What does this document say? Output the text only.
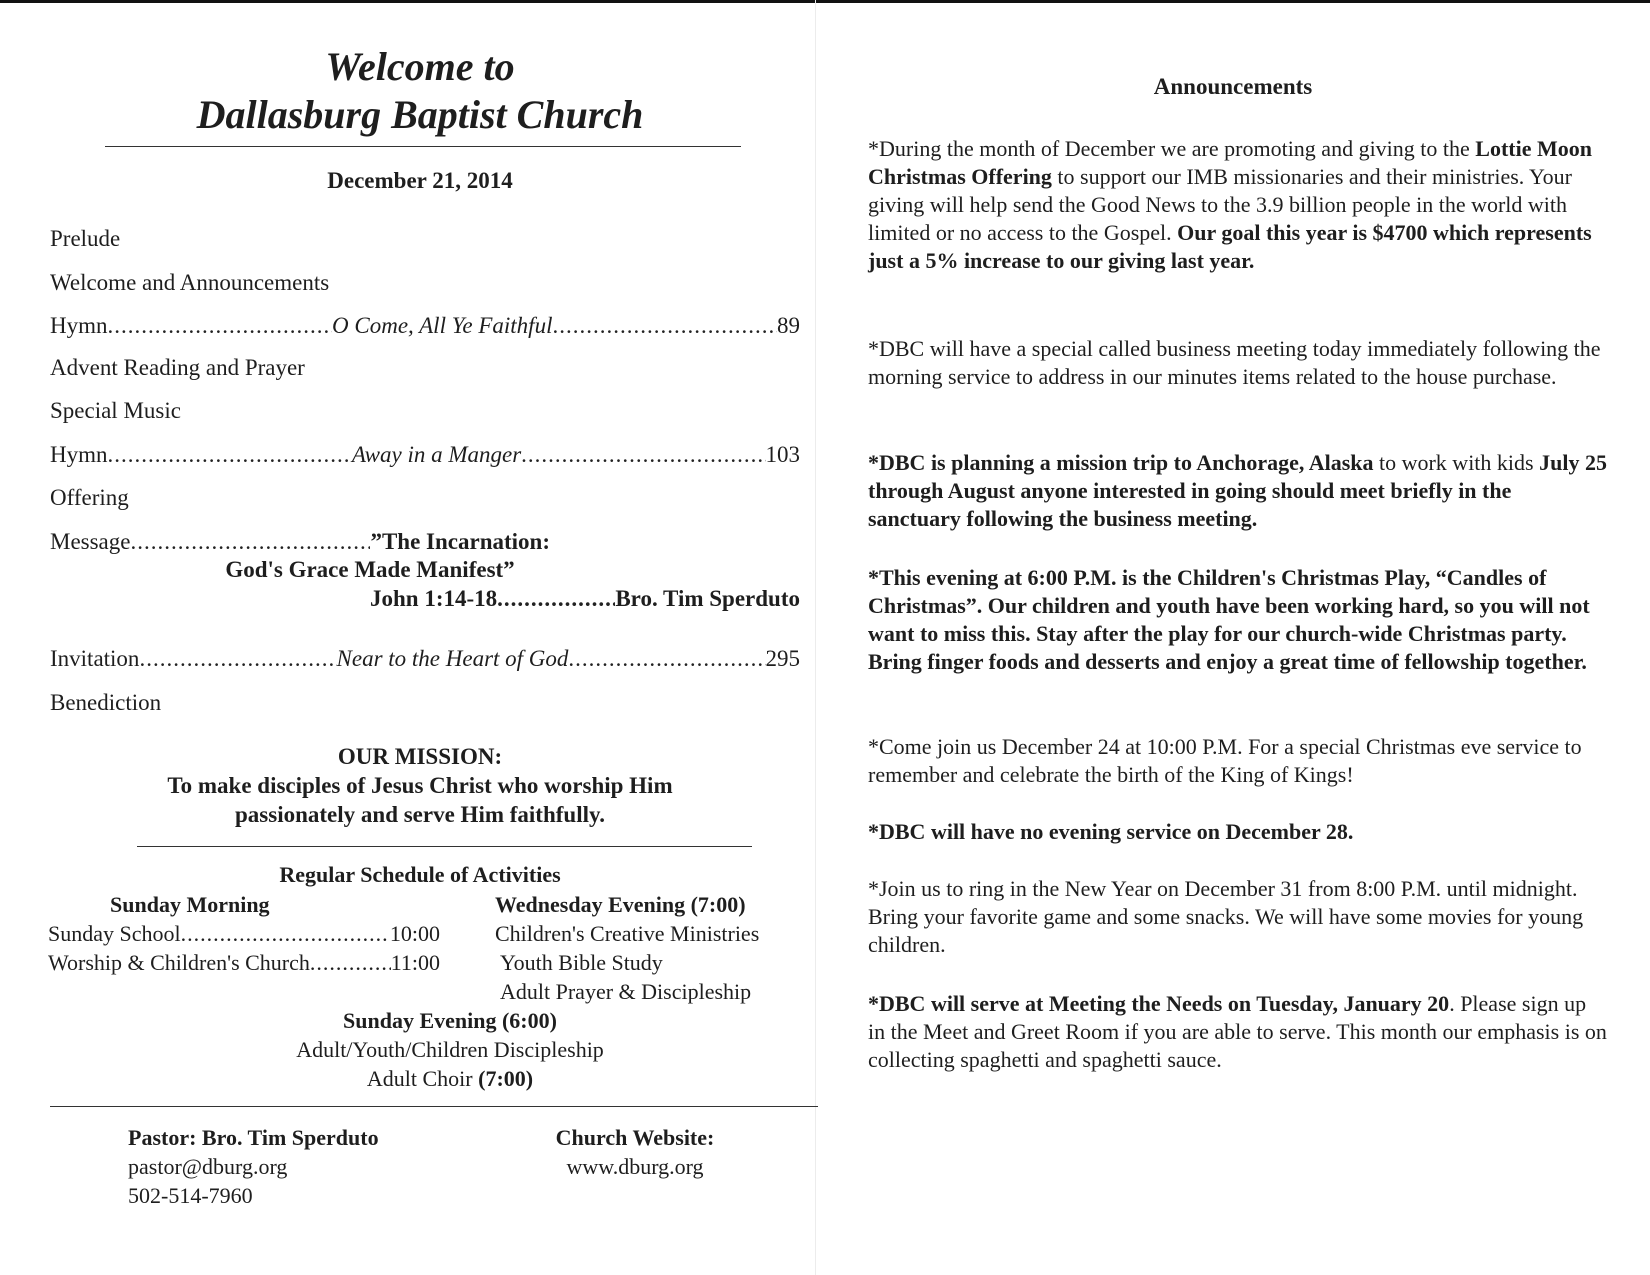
Welcome to
Dallasburg Baptist Church
December 21, 2014
Prelude
Welcome and Announcements
Hymn .....	O Come, All Ye Faithful .....	89
Advent Reading and Prayer
Special Music
Hymn .....	Away in a Manger .....	103
Offering
Message .....	”The Incarnation:
God's Grace Made Manifest”
John 1:14-18 .....	Bro. Tim Sperduto
Invitation .....	Near to the Heart of God .....	295
Benediction
OUR MISSION:
To make disciples of Jesus Christ who worship Him
passionately and serve Him faithfully.
Regular Schedule of Activities
Sunday Morning
Sunday School .....	10:00
Worship & Children's Church .....	11:00
Wednesday Evening (7:00)
Children's Creative Ministries
Youth Bible Study
Adult Prayer & Discipleship
Sunday Evening (6:00)
Adult/Youth/Children Discipleship
Adult Choir (7:00)
Pastor: Bro. Tim Sperduto
pastor@dburg.org
502-514-7960
Church Website:
www.dburg.org
Announcements

*During the month of December we are promoting and giving to the Lottie Moon Christmas Offering to support our IMB missionaries and their ministries. Your giving will help send the Good News to the 3.9 billion people in the world with limited or no access to the Gospel. Our goal this year is $4700 which represents just a 5% increase to our giving last year.

*DBC will have a special called business meeting today immediately following the morning service to address in our minutes items related to the house purchase.

*DBC is planning a mission trip to Anchorage, Alaska to work with kids July 25 through August anyone interested in going should meet briefly in the sanctuary following the business meeting.

*This evening at 6:00 P.M. is the Children's Christmas Play, “Candles of Christmas”. Our children and youth have been working hard, so you will not want to miss this. Stay after the play for our church-wide Christmas party. Bring finger foods and desserts and enjoy a great time of fellowship together.

*Come join us December 24 at 10:00 P.M. For a special Christmas eve service to remember and celebrate the birth of the King of Kings!

*DBC will have no evening service on December 28.

*Join us to ring in the New Year on December 31 from 8:00 P.M. until midnight. Bring your favorite game and some snacks. We will have some movies for young children.

*DBC will serve at Meeting the Needs on Tuesday, January 20. Please sign up in the Meet and Greet Room if you are able to serve. This month our emphasis is on collecting spaghetti and spaghetti sauce.
